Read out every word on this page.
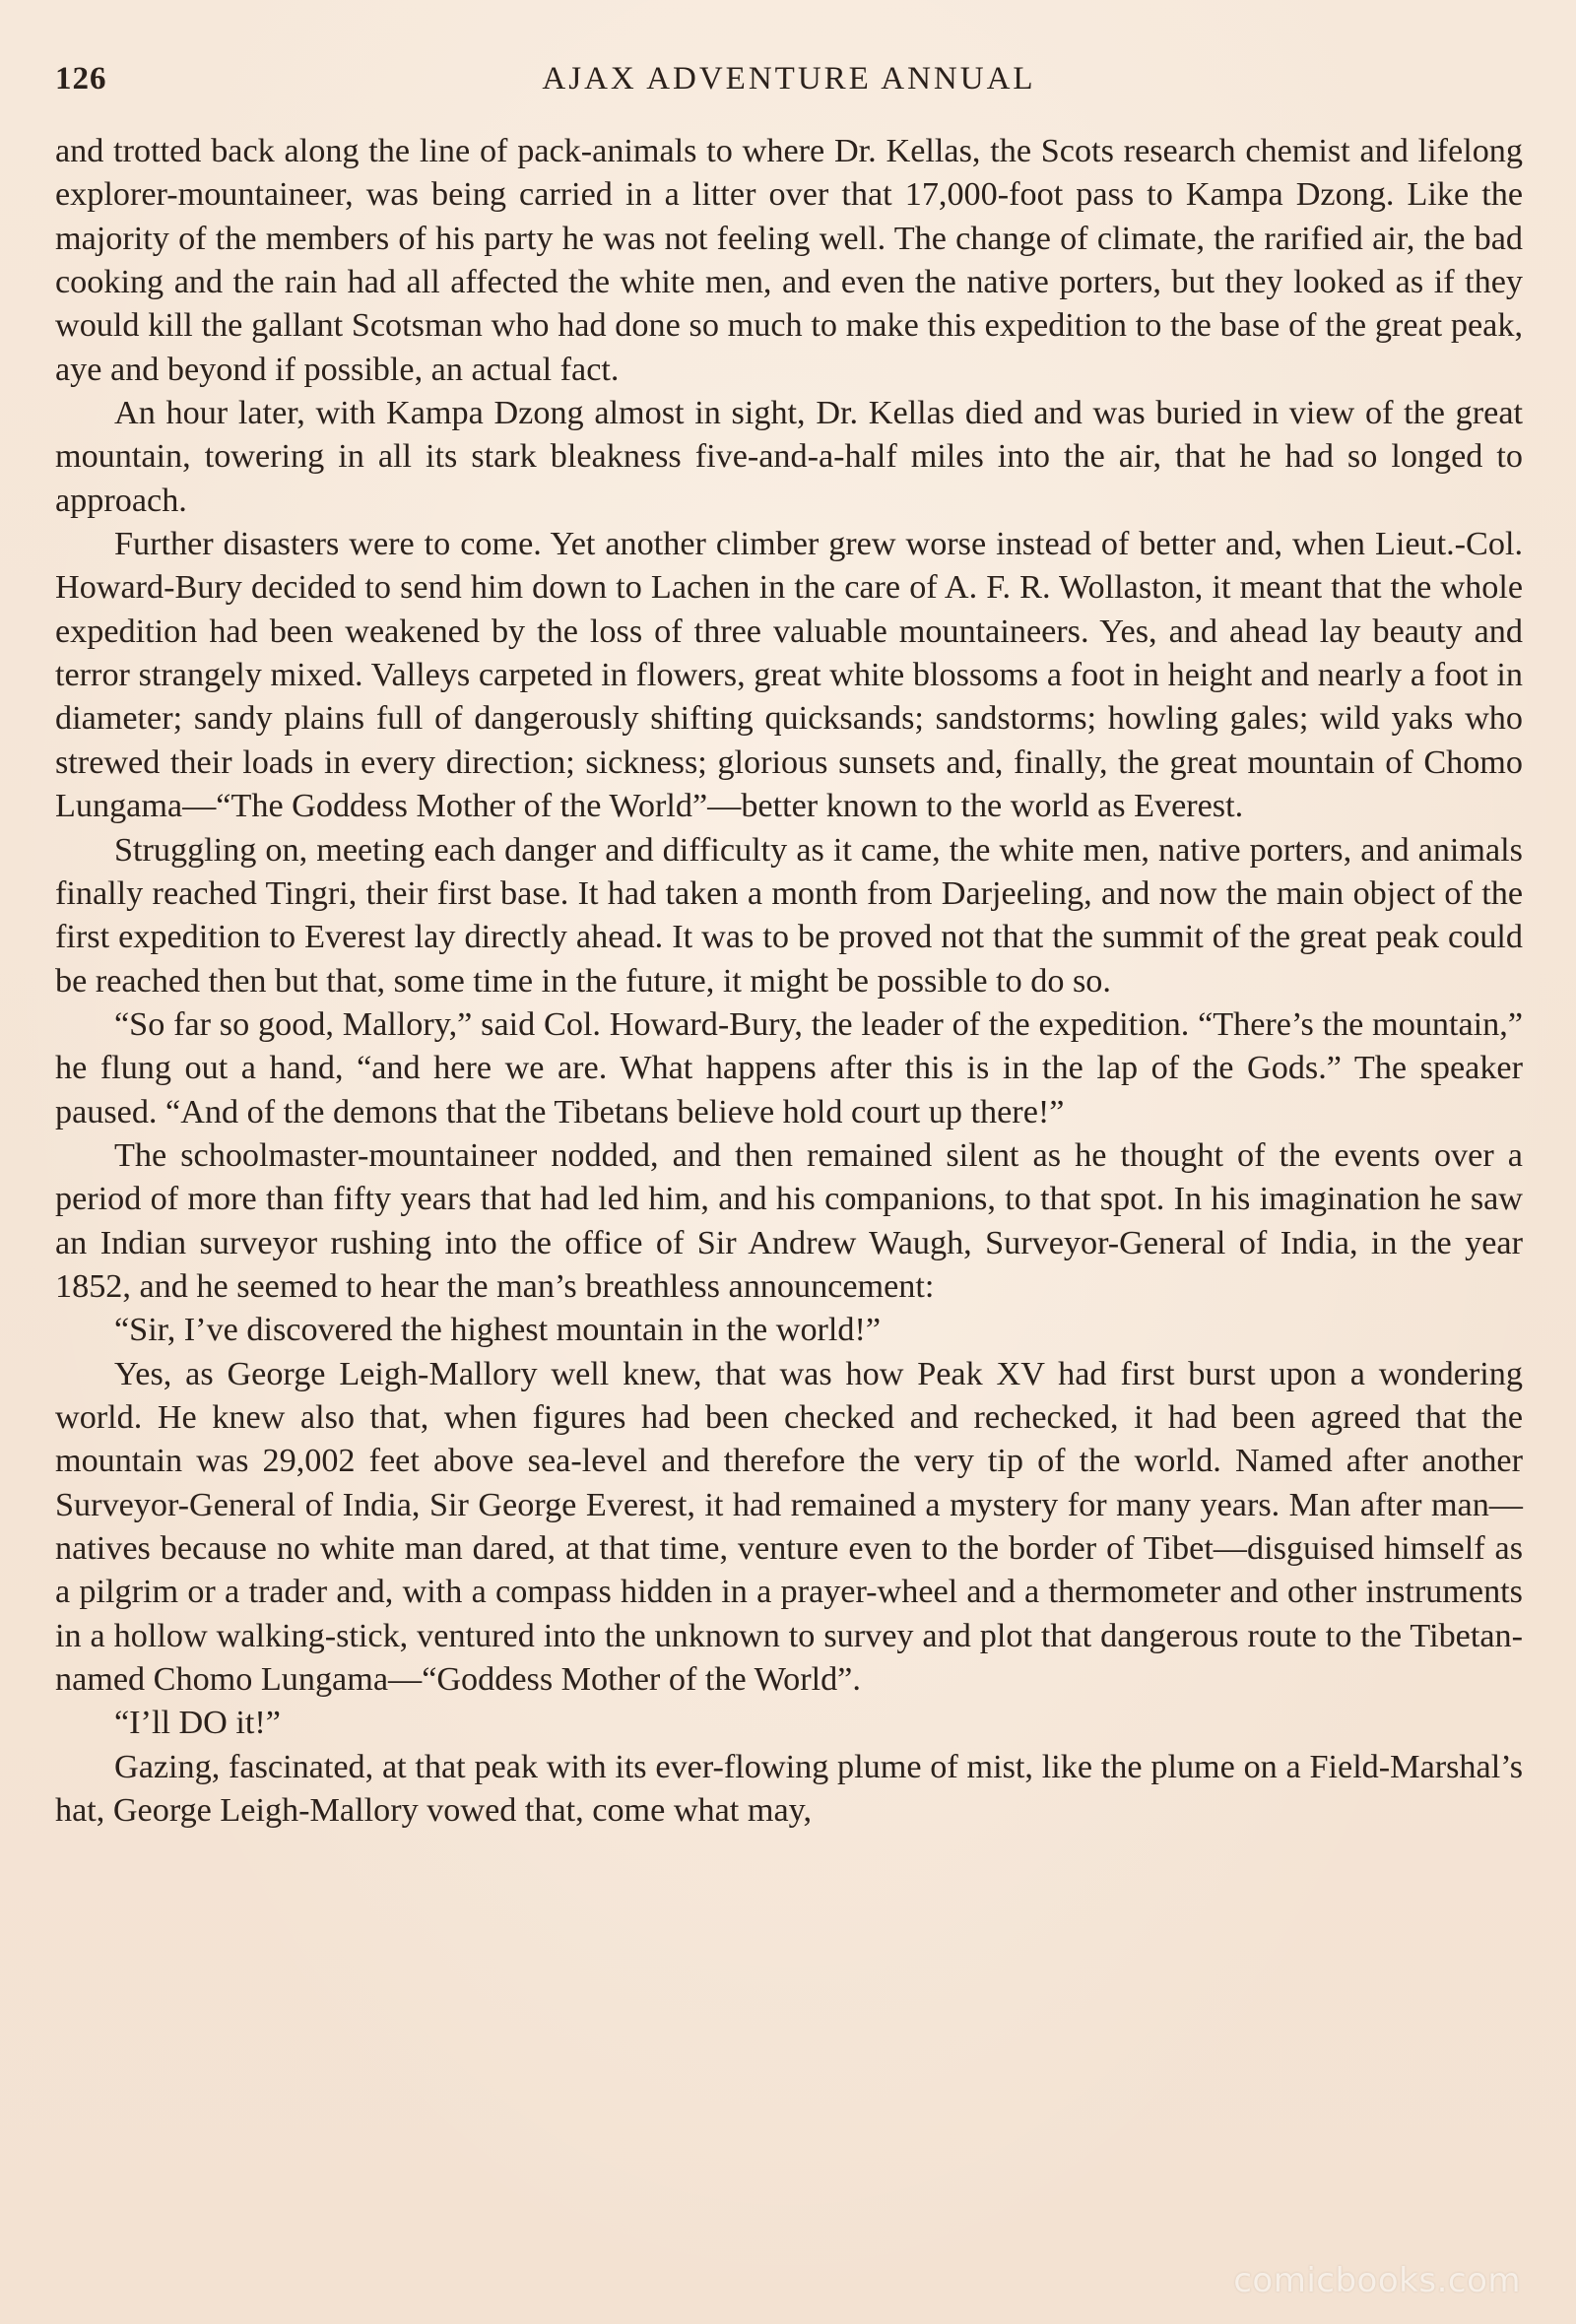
126	AJAX ADVENTURE ANNUAL

and trotted back along the line of pack-animals to where Dr. Kellas, the Scots research chemist and lifelong explorer-mountaineer, was being carried in a litter over that 17,000-foot pass to Kampa Dzong. Like the majority of the members of his party he was not feeling well. The change of climate, the rarified air, the bad cooking and the rain had all affected the white men, and even the native porters, but they looked as if they would kill the gallant Scotsman who had done so much to make this expedition to the base of the great peak, aye and beyond if possible, an actual fact.

An hour later, with Kampa Dzong almost in sight, Dr. Kellas died and was buried in view of the great mountain, towering in all its stark bleakness five-and-a-half miles into the air, that he had so longed to approach.

Further disasters were to come. Yet another climber grew worse instead of better and, when Lieut.-Col. Howard-Bury decided to send him down to Lachen in the care of A. F. R. Wollaston, it meant that the whole expedition had been weakened by the loss of three valuable mountaineers. Yes, and ahead lay beauty and terror strangely mixed. Valleys carpeted in flowers, great white blossoms a foot in height and nearly a foot in diameter; sandy plains full of dangerously shifting quicksands; sandstorms; howling gales; wild yaks who strewed their loads in every direction; sickness; glorious sunsets and, finally, the great mountain of Chomo Lungama—“The Goddess Mother of the World”—better known to the world as Everest.

Struggling on, meeting each danger and difficulty as it came, the white men, native porters, and animals finally reached Tingri, their first base. It had taken a month from Darjeeling, and now the main object of the first expedition to Everest lay directly ahead. It was to be proved not that the summit of the great peak could be reached then but that, some time in the future, it might be possible to do so.

“So far so good, Mallory,” said Col. Howard-Bury, the leader of the expedition. “There’s the mountain,” he flung out a hand, “and here we are. What happens after this is in the lap of the Gods.” The speaker paused. “And of the demons that the Tibetans believe hold court up there!”

The schoolmaster-mountaineer nodded, and then remained silent as he thought of the events over a period of more than fifty years that had led him, and his companions, to that spot. In his imagination he saw an Indian surveyor rushing into the office of Sir Andrew Waugh, Surveyor-General of India, in the year 1852, and he seemed to hear the man’s breathless announcement:

“Sir, I’ve discovered the highest mountain in the world!”

Yes, as George Leigh-Mallory well knew, that was how Peak XV had first burst upon a wondering world. He knew also that, when figures had been checked and rechecked, it had been agreed that the mountain was 29,002 feet above sea-level and therefore the very tip of the world. Named after another Surveyor-General of India, Sir George Everest, it had remained a mystery for many years. Man after man—natives because no white man dared, at that time, venture even to the border of Tibet—disguised himself as a pilgrim or a trader and, with a compass hidden in a prayer-wheel and a thermometer and other instruments in a hollow walking-stick, ventured into the unknown to survey and plot that dangerous route to the Tibetan-named Chomo Lungama—“Goddess Mother of the World”.

“I’ll DO it!”

Gazing, fascinated, at that peak with its ever-flowing plume of mist, like the plume on a Field-Marshal’s hat, George Leigh-Mallory vowed that, come what may,

comicbooks.com
